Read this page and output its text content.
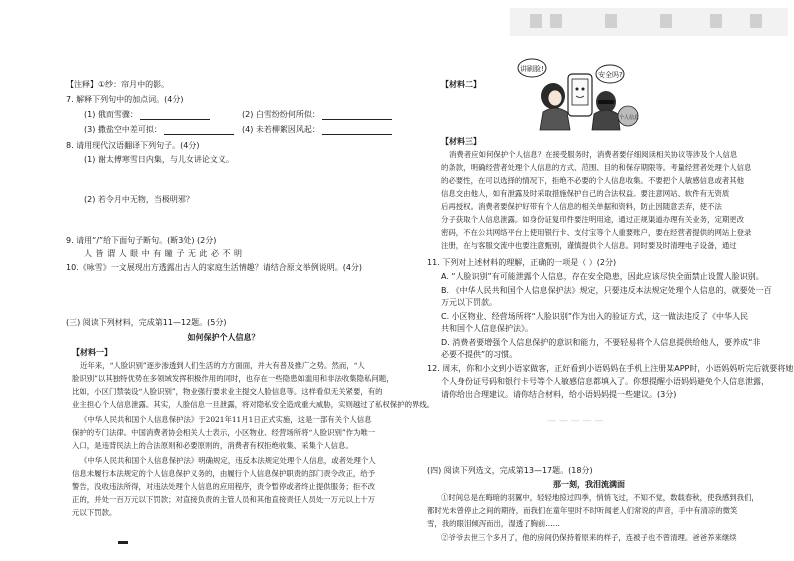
【注释】①纱：帘月中的影。
7. 解释下列句中的加点词。(4分)
(1) 俄而雪骤：	(2) 白雪纷纷何所似：
(3) 撒盐空中差可拟：	(4) 未若柳絮因风起：
8. 请用现代汉语翻译下列句子。(4分)
(1) 谢太傅寒雪日内集，与儿女讲论文义。
(2) 若令月中无物，当极明邪？
9. 请用“/”给下面句子断句。(断3处) (2分)
人 皆 谓 人 眼 中 有 瞳 子 无 此 必 不 明
10.《咏雪》一文展现出方透露出古人的家庭生活情趣？请结合原文举例说明。(4分)
(三) 阅读下列材料，完成第11—12题。(5分)
如何保护个人信息？
【材料一】
近年来，“人脸识别”逐步渗透到人们生活的方方面面，并大有普及推广之势。然而，“人
脸识别”以其独特优势在多领域发挥积极作用的同时，也存在一些隐患如滥用和非法收集隐私问题，
比如，小区门禁装设“人脸识别”，物业强行要求业主提交人脸信息等。这样看似无关紧要，有的
业主担心个人信息泄露。其实，人脸信息一旦泄露，将对隐私安全造成重大威胁，实则越过了私权保护的界线。
《中华人民共和国个人信息保护法》于2021年11月1日正式实施，这是一部有关个人信息
保护的专门法律。中国消费者协会相关人士表示，小区物业、经营场所将“人脸识别”作为唯一
入口，是违背民法上的合法原则和必要原则的，消费者有权拒绝收集、采集个人信息。
《中华人民共和国个人信息保护法》明确规定，违反本法规定处理个人信息，或者处理个人
信息未履行本法规定的个人信息保护义务的，由履行个人信息保护职责的部门责令改正，给予
警告，没收违法所得，对违法处理个人信息的应用程序，责令暂停或者终止提供服务；拒不改
正的，并处一百万元以下罚款；对直接负责的主管人员和其他直接责任人员处一万元以上十万
元以下罚款。
【材料二】
讲刷脸!
安全吗?
个人信息
【材料三】
消费者应如何保护个人信息？在接受服务时，消费者要仔细阅读相关协议等涉及个人信息
的条款，明确经营者处理个人信息的方式、范围、目的和保存期限等。考量经营者处理个人信息
的必要性，在可以选择的情况下，拒绝不必要的个人信息收集。不要把个人敏感信息或者其他
信息交由他人，如有泄露及时采取措施保护自己的合法权益。要注意网站、软件有无资质
后再授权。消费者要保护好带有个人信息的相关单据和资料，防止因随意丢弃，使不法
分子获取个人信息泄露。如身份证复印件要注明用途，通过正规渠道办理有关业务，定期更改
密码，不在公共网络平台上使用银行卡、支付宝等个人重要账户，要在经营者提供的网站上登录
注册，在与客服交流中也要注意甄别，谨慎提供个人信息。同时要及时清理电子设备，通过
11. 下列对上述材料的理解，正确的一项是（ ）(2分)
A. “人脸识别”有可能泄露个人信息，存在安全隐患，因此应该尽快全面禁止设置人脸识别。
B. 《中华人民共和国个人信息保护法》规定，只要违反本法规定处理个人信息的，就要处一百
万元以下罚款。
C. 小区物业、经营场所将“人脸识别”作为出入的验证方式，这一做法违反了《中华人民
共和国个人信息保护法》。
D. 消费者要增强个人信息保护的意识和能力，不要轻易将个人信息提供给他人，要养成“非
必要不提供”的习惯。
12. 周末，你和小文到小语家做客，正好看到小语妈妈在手机上注册某APP时，小语妈妈听完后就要将她
个人身份证号码和银行卡号等个人敏感信息都填入了。你想提醒小语妈妈避免个人信息泄露，
请你给出合理建议。请你结合材料，给小语妈妈提一些建议。(3分)
— — — — —
(四) 阅读下列选文，完成第13—17题。(18分)
那一刻，我泪流满面
①时间总是在晦暗的羽翼中，轻轻地掠过四季，悄悄飞过，不知不觉，数载春秋，使我感到我们，
都时光未曾停止之间的期待，而我们在童年里时不时听闻老人们常说的声音，手中有清凉的微笑
雪，我的眼泪倾泻而出，湿透了胸前……
②爷爷去世三个多月了，他的房间仍保持着原来的样子，连被子也不曾清理。爸爸养来继续
